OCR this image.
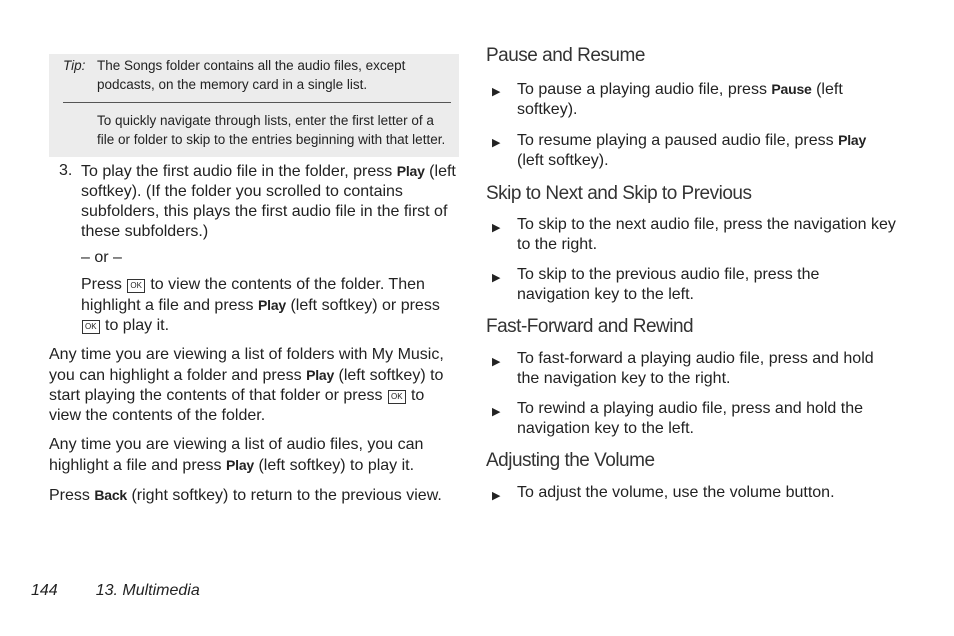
Tip: The Songs folder contains all the audio files, except podcasts, on the memory card in a single list.
To quickly navigate through lists, enter the first letter of a file or folder to skip to the entries beginning with that letter.

3. To play the first audio file in the folder, press Play (left softkey). (If the folder you scrolled to contains subfolders, this plays the first audio file in the first of these subfolders.)

– or –

Press OK to view the contents of the folder. Then highlight a file and press Play (left softkey) or press OK to play it.

Any time you are viewing a list of folders with My Music, you can highlight a folder and press Play (left softkey) to start playing the contents of that folder or press OK to view the contents of the folder.

Any time you are viewing a list of audio files, you can highlight a file and press Play (left softkey) to play it.

Press Back (right softkey) to return to the previous view.

Pause and Resume
▶ To pause a playing audio file, press Pause (left softkey).
▶ To resume playing a paused audio file, press Play (left softkey).
Skip to Next and Skip to Previous
▶ To skip to the next audio file, press the navigation key to the right.
▶ To skip to the previous audio file, press the navigation key to the left.
Fast-Forward and Rewind
▶ To fast-forward a playing audio file, press and hold the navigation key to the right.
▶ To rewind a playing audio file, press and hold the navigation key to the left.
Adjusting the Volume
▶ To adjust the volume, use the volume button.
144 13. Multimedia
